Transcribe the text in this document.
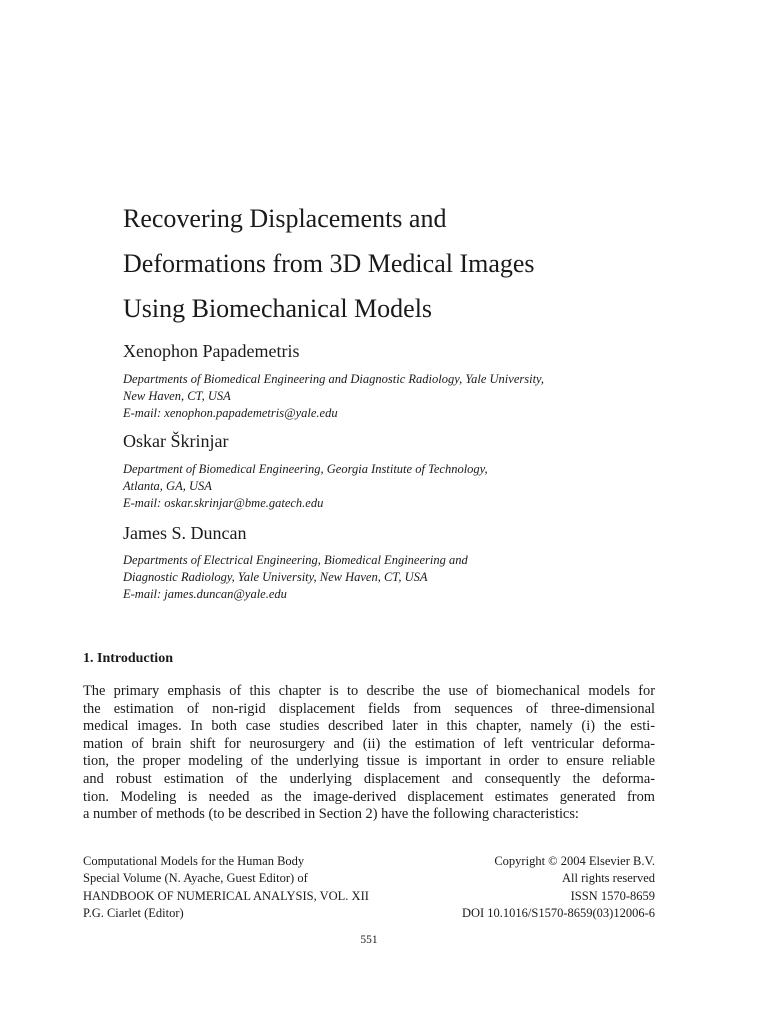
Recovering Displacements and
Deformations from 3D Medical Images
Using Biomechanical Models
Xenophon Papademetris
Departments of Biomedical Engineering and Diagnostic Radiology, Yale University,
New Haven, CT, USA
E-mail: xenophon.papademetris@yale.edu
Oskar Škrinjar
Department of Biomedical Engineering, Georgia Institute of Technology,
Atlanta, GA, USA
E-mail: oskar.skrinjar@bme.gatech.edu
James S. Duncan
Departments of Electrical Engineering, Biomedical Engineering and
Diagnostic Radiology, Yale University, New Haven, CT, USA
E-mail: james.duncan@yale.edu
1. Introduction

The primary emphasis of this chapter is to describe the use of biomechanical models for
the estimation of non-rigid displacement fields from sequences of three-dimensional
medical images. In both case studies described later in this chapter, namely (i) the esti-
mation of brain shift for neurosurgery and (ii) the estimation of left ventricular deforma-
tion, the proper modeling of the underlying tissue is important in order to ensure reliable
and robust estimation of the underlying displacement and consequently the deforma-
tion. Modeling is needed as the image-derived displacement estimates generated from
a number of methods (to be described in Section 2) have the following characteristics:

Computational Models for the Human Body
Special Volume (N. Ayache, Guest Editor) of
HANDBOOK OF NUMERICAL ANALYSIS, VOL. XII
P.G. Ciarlet (Editor)
Copyright © 2004 Elsevier B.V.
All rights reserved
ISSN 1570-8659
DOI 10.1016/S1570-8659(03)12006-6
551
